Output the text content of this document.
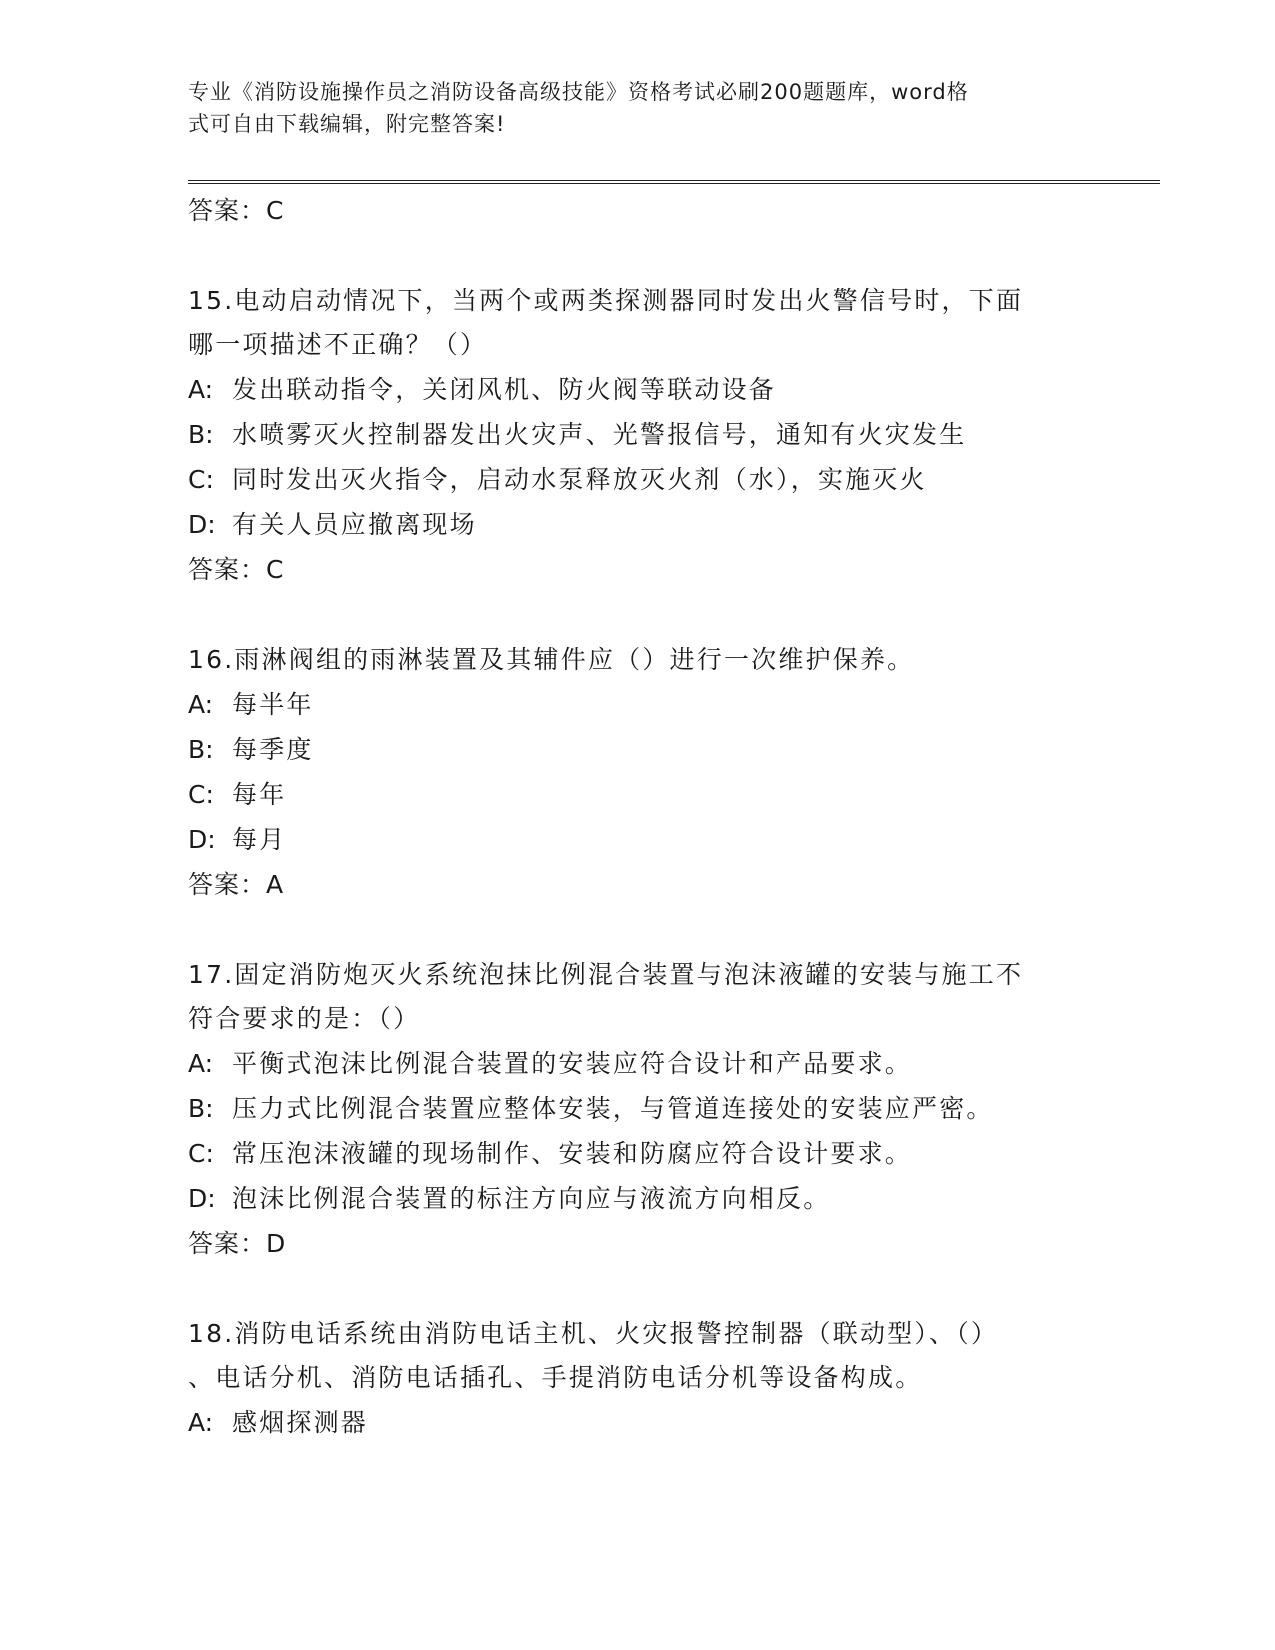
专业《消防设施操作员之消防设备高级技能》资格考试必刷200题题库，word格
式可自由下载编辑，附完整答案!
答案：C
15.电动启动情况下，当两个或两类探测器同时发出火警信号时，下面
哪一项描述不正确？（）
A: 发出联动指令，关闭风机、防火阀等联动设备
B: 水喷雾灭火控制器发出火灾声、光警报信号，通知有火灾发生
C: 同时发出灭火指令，启动水泵释放灭火剂（水），实施灭火
D: 有关人员应撤离现场
答案：C
16.雨淋阀组的雨淋装置及其辅件应（）进行一次维护保养。
A: 每半年
B: 每季度
C: 每年
D: 每月
答案：A
17.固定消防炮灭火系统泡抹比例混合装置与泡沫液罐的安装与施工不
符合要求的是：（）
A: 平衡式泡沫比例混合装置的安装应符合设计和产品要求。
B: 压力式比例混合装置应整体安装，与管道连接处的安装应严密。
C: 常压泡沫液罐的现场制作、安装和防腐应符合设计要求。
D: 泡沫比例混合装置的标注方向应与液流方向相反。
答案：D
18.消防电话系统由消防电话主机、火灾报警控制器（联动型）、（）
、电话分机、消防电话插孔、手提消防电话分机等设备构成。
A: 感烟探测器
